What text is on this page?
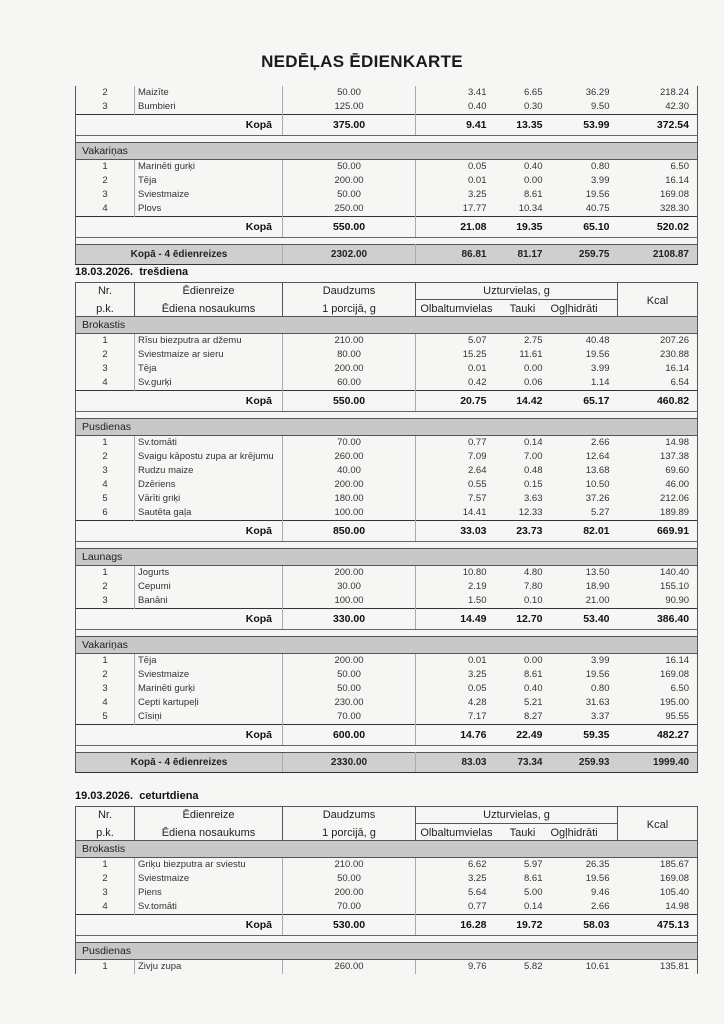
NEDĒĻAS ĒDIENKARTE
2	Maizīte	50.00	3.41	6.65	36.29	218.24
3	Bumbieri	125.00	0.40	0.30	9.50	42.30
Kopā		375.00	9.41	13.35	53.99	372.54

Vakariņas						
1	Marinēti gurķi	50.00	0.05	0.40	0.80	6.50
2	Tēja	200.00	0.01	0.00	3.99	16.14
3	Sviestmaize	50.00	3.25	8.61	19.56	169.08
4	Plovs	250.00	17.77	10.34	40.75	328.30
Kopā		550.00	21.08	19.35	65.10	520.02

Kopā - 4 ēdienreizes		2302.00	86.81	81.17	259.75	2108.87
18.03.2026. trešdiena
Nr.	Ēdienreize	Daudzums	Uzturvielas, g			Kcal
p.k.	Ēdiena nosaukums	1 porcijā, g	Olbaltumvielas	Tauki	Ogļhidrāti	
Brokastis						
1	Rīsu biezputra ar džemu	210.00	5.07	2.75	40.48	207.26
2	Sviestmaize ar sieru	80.00	15.25	11.61	19.56	230.88
3	Tēja	200.00	0.01	0.00	3.99	16.14
4	Sv.gurķi	60.00	0.42	0.06	1.14	6.54
Kopā		550.00	20.75	14.42	65.17	460.82

Pusdienas						
1	Sv.tomāti	70.00	0.77	0.14	2.66	14.98
2	Svaigu kāpostu zupa ar krējumu	260.00	7.09	7.00	12.64	137.38
3	Rudzu maize	40.00	2.64	0.48	13.68	69.60
4	Dzēriens	200.00	0.55	0.15	10.50	46.00
5	Vārīti griķi	180.00	7.57	3.63	37.26	212.06
6	Sautēta gaļa	100.00	14.41	12.33	5.27	189.89
Kopā		850.00	33.03	23.73	82.01	669.91

Launags						
1	Jogurts	200.00	10.80	4.80	13.50	140.40
2	Cepumi	30.00	2.19	7.80	18.90	155.10
3	Banāni	100.00	1.50	0.10	21.00	90.90
Kopā		330.00	14.49	12.70	53.40	386.40

Vakariņas						
1	Tēja	200.00	0.01	0.00	3.99	16.14
2	Sviestmaize	50.00	3.25	8.61	19.56	169.08
3	Marinēti gurķi	50.00	0.05	0.40	0.80	6.50
4	Cepti kartupeļi	230.00	4.28	5.21	31.63	195.00
5	Cīsiņi	70.00	7.17	8.27	3.37	95.55
Kopā		600.00	14.76	22.49	59.35	482.27

Kopā - 4 ēdienreizes		2330.00	83.03	73.34	259.93	1999.40
19.03.2026. ceturtdiena
Nr.	Ēdienreize	Daudzums	Uzturvielas, g			Kcal
p.k.	Ēdiena nosaukums	1 porcijā, g	Olbaltumvielas	Tauki	Ogļhidrāti	
Brokastis						
1	Griķu biezputra ar sviestu	210.00	6.62	5.97	26.35	185.67
2	Sviestmaize	50.00	3.25	8.61	19.56	169.08
3	Piens	200.00	5.64	5.00	9.46	105.40
4	Sv.tomāti	70.00	0.77	0.14	2.66	14.98
Kopā		530.00	16.28	19.72	58.03	475.13

Pusdienas						
1	Zivju zupa	260.00	9.76	5.82	10.61	135.81
